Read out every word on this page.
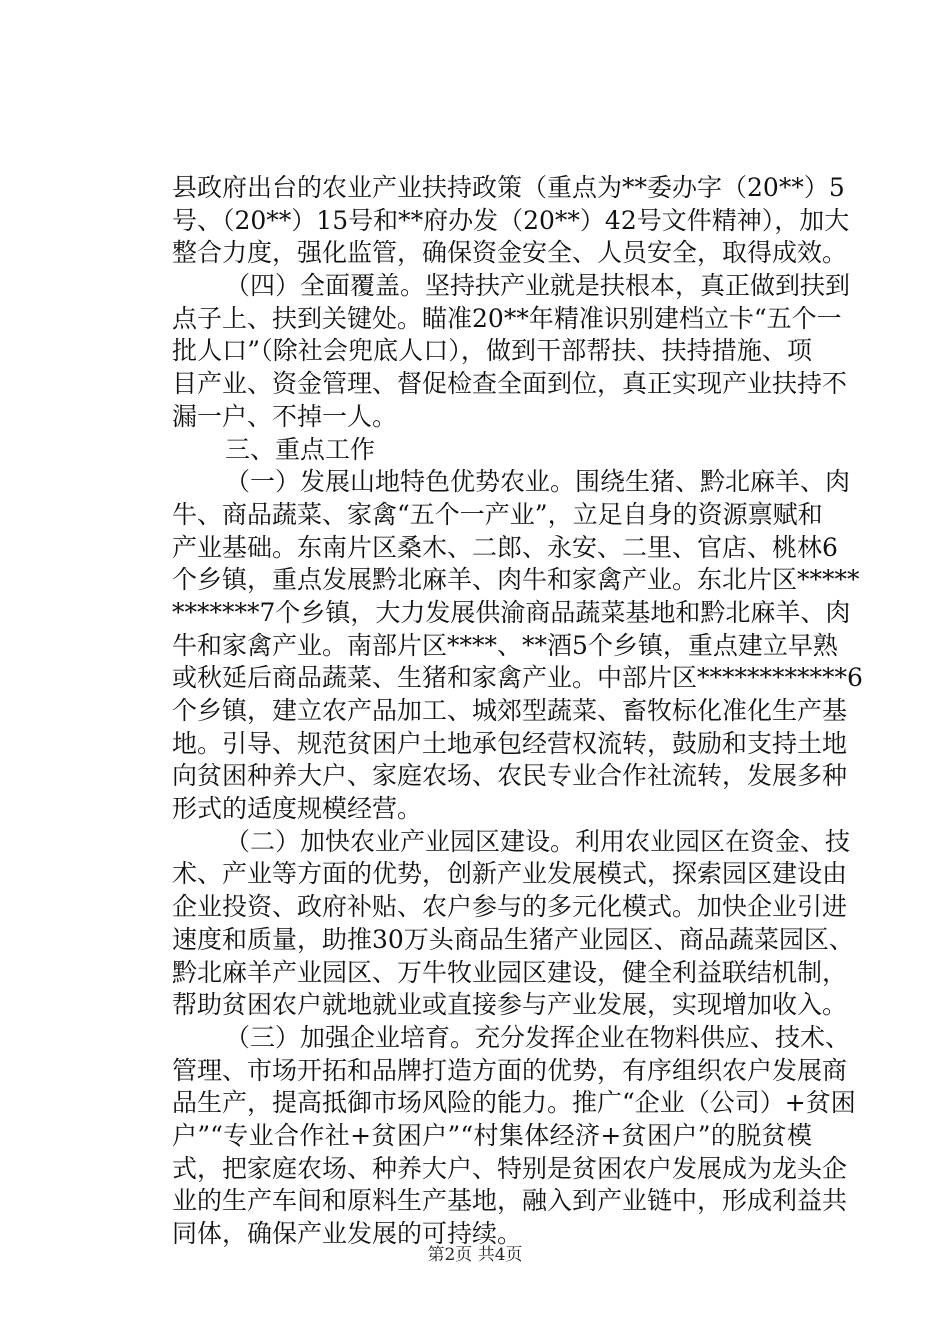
县政府出台的农业产业扶持政策（重点为**委办字（20**）5
号、（20**）15号和**府办发（20**）42号文件精神），加大
整合力度，强化监管，确保资金安全、人员安全，取得成效。
（四）全面覆盖。坚持扶产业就是扶根本，真正做到扶到
点子上、扶到关键处。瞄准20**年精准识别建档立卡“五个一
批人口”（除社会兜底人口），做到干部帮扶、扶持措施、项
目产业、资金管理、督促检查全面到位，真正实现产业扶持不
漏一户、不掉一人。
三、重点工作
（一）发展山地特色优势农业。围绕生猪、黔北麻羊、肉
牛、商品蔬菜、家禽“五个一产业”，立足自身的资源禀赋和
产业基础。东南片区桑木、二郎、永安、二里、官店、桃林6
个乡镇，重点发展黔北麻羊、肉牛和家禽产业。东北片区*****
*******7个乡镇，大力发展供渝商品蔬菜基地和黔北麻羊、肉
牛和家禽产业。南部片区****、**酒5个乡镇，重点建立早熟
或秋延后商品蔬菜、生猪和家禽产业。中部片区************6
个乡镇，建立农产品加工、城郊型蔬菜、畜牧标化准化生产基
地。引导、规范贫困户土地承包经营权流转，鼓励和支持土地
向贫困种养大户、家庭农场、农民专业合作社流转，发展多种
形式的适度规模经营。
（二）加快农业产业园区建设。利用农业园区在资金、技
术、产业等方面的优势，创新产业发展模式，探索园区建设由
企业投资、政府补贴、农户参与的多元化模式。加快企业引进
速度和质量，助推30万头商品生猪产业园区、商品蔬菜园区、
黔北麻羊产业园区、万牛牧业园区建设，健全利益联结机制，
帮助贫困农户就地就业或直接参与产业发展，实现增加收入。
（三）加强企业培育。充分发挥企业在物料供应、技术、
管理、市场开拓和品牌打造方面的优势，有序组织农户发展商
品生产，提高抵御市场风险的能力。推广“企业（公司）+贫困
户”“专业合作社+贫困户”“村集体经济+贫困户”的脱贫模
式，把家庭农场、种养大户、特别是贫困农户发展成为龙头企
业的生产车间和原料生产基地，融入到产业链中，形成利益共
同体，确保产业发展的可持续。
第2页 共4页
